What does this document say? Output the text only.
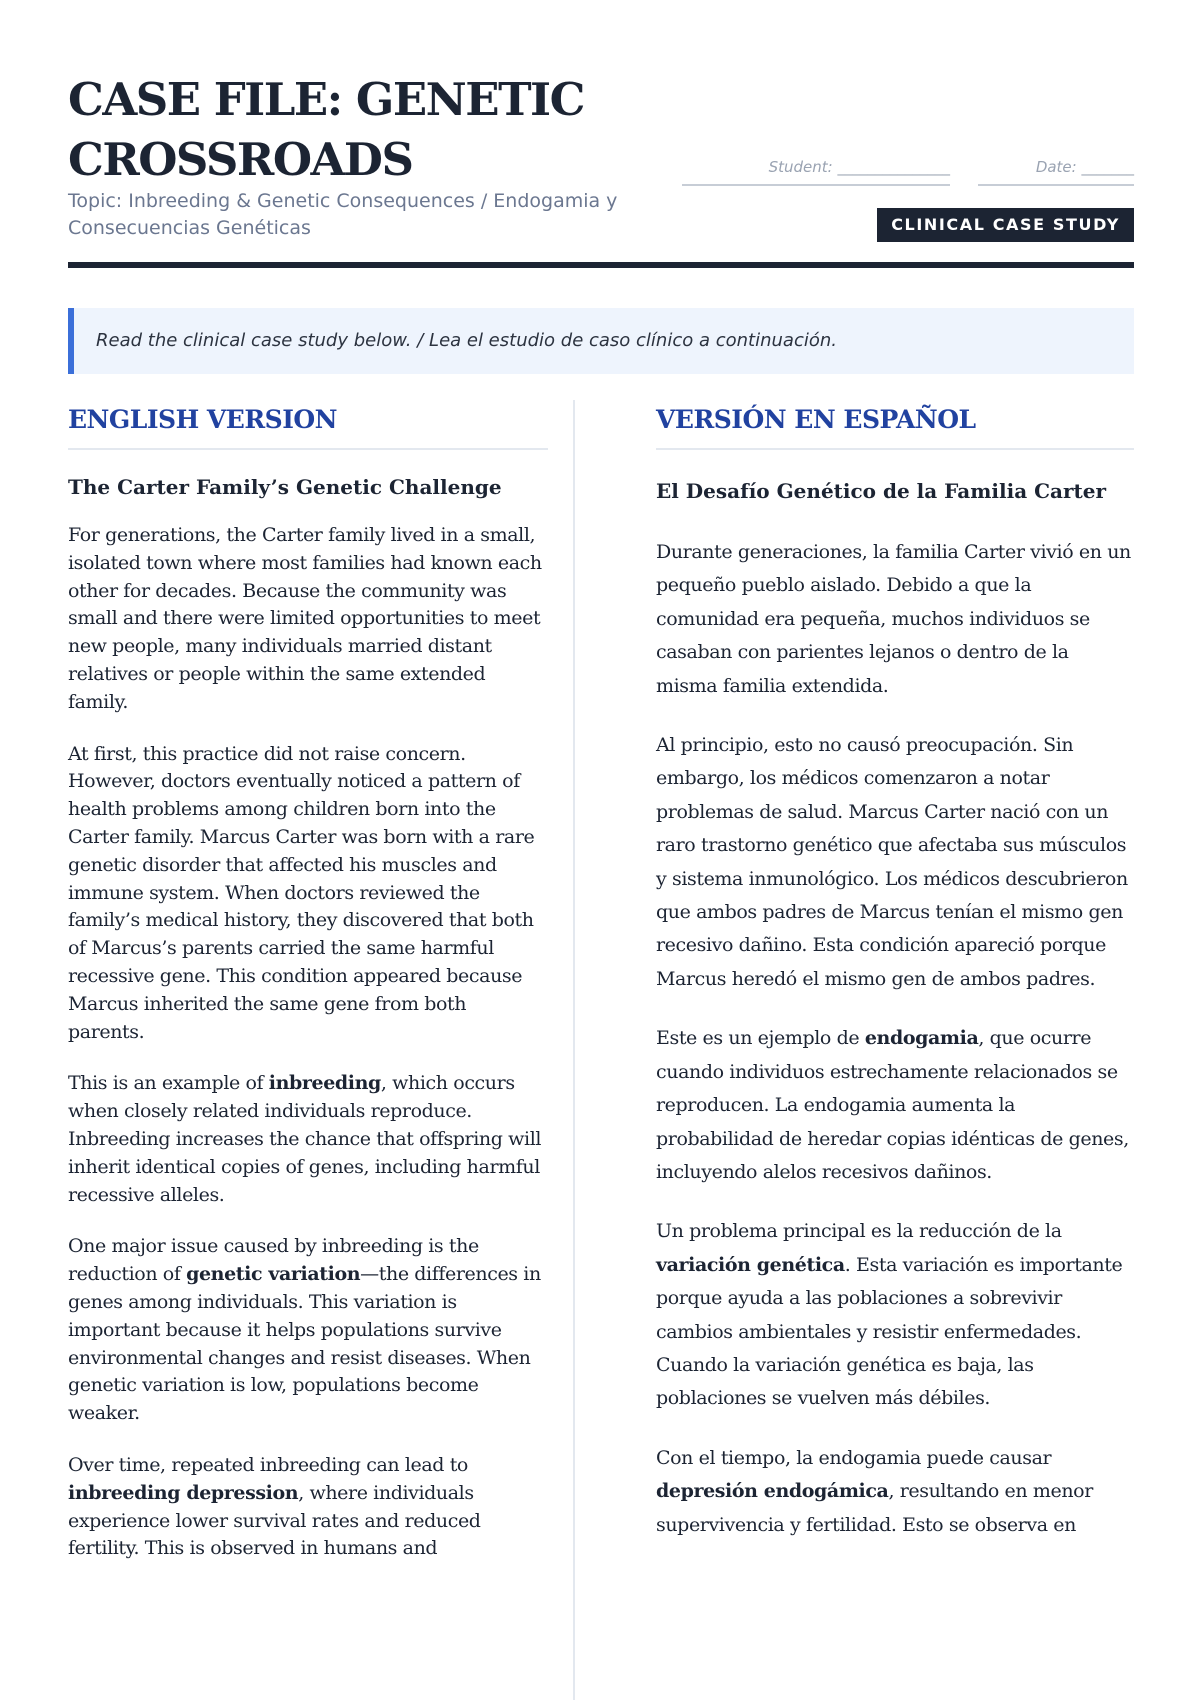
CASE FILE: GENETIC CROSSROADS
Topic: Inbreeding & Genetic Consequences / Endogamia y Consecuencias Genéticas
Student: _______________	Date: _______
CLINICAL CASE STUDY
Read the clinical case study below. / Lea el estudio de caso clínico a continuación.
ENGLISH VERSION
The Carter Family’s Genetic Challenge

For generations, the Carter family lived in a small, isolated town where most families had known each other for decades. Because the community was small and there were limited opportunities to meet new people, many individuals married distant relatives or people within the same extended family.

At first, this practice did not raise concern. However, doctors eventually noticed a pattern of health problems among children born into the Carter family. Marcus Carter was born with a rare genetic disorder that affected his muscles and immune system. When doctors reviewed the family’s medical history, they discovered that both of Marcus’s parents carried the same harmful recessive gene. This condition appeared because Marcus inherited the same gene from both parents.

This is an example of inbreeding, which occurs when closely related individuals reproduce. Inbreeding increases the chance that offspring will inherit identical copies of genes, including harmful recessive alleles.

One major issue caused by inbreeding is the reduction of genetic variation—the differences in genes among individuals. This variation is important because it helps populations survive environmental changes and resist diseases. When genetic variation is low, populations become weaker.

Over time, repeated inbreeding can lead to inbreeding depression, where individuals experience lower survival rates and reduced fertility. This is observed in humans and

VERSIÓN EN ESPAÑOL
El Desafío Genético de la Familia Carter

Durante generaciones, la familia Carter vivió en un pequeño pueblo aislado. Debido a que la comunidad era pequeña, muchos individuos se casaban con parientes lejanos o dentro de la misma familia extendida.

Al principio, esto no causó preocupación. Sin embargo, los médicos comenzaron a notar problemas de salud. Marcus Carter nació con un raro trastorno genético que afectaba sus músculos y sistema inmunológico. Los médicos descubrieron que ambos padres de Marcus tenían el mismo gen recesivo dañino. Esta condición apareció porque Marcus heredó el mismo gen de ambos padres.

Este es un ejemplo de endogamia, que ocurre cuando individuos estrechamente relacionados se reproducen. La endogamia aumenta la probabilidad de heredar copias idénticas de genes, incluyendo alelos recesivos dañinos.

Un problema principal es la reducción de la variación genética. Esta variación es importante porque ayuda a las poblaciones a sobrevivir cambios ambientales y resistir enfermedades. Cuando la variación genética es baja, las poblaciones se vuelven más débiles.

Con el tiempo, la endogamia puede causar depresión endogámica, resultando en menor supervivencia y fertilidad. Esto se observa en
